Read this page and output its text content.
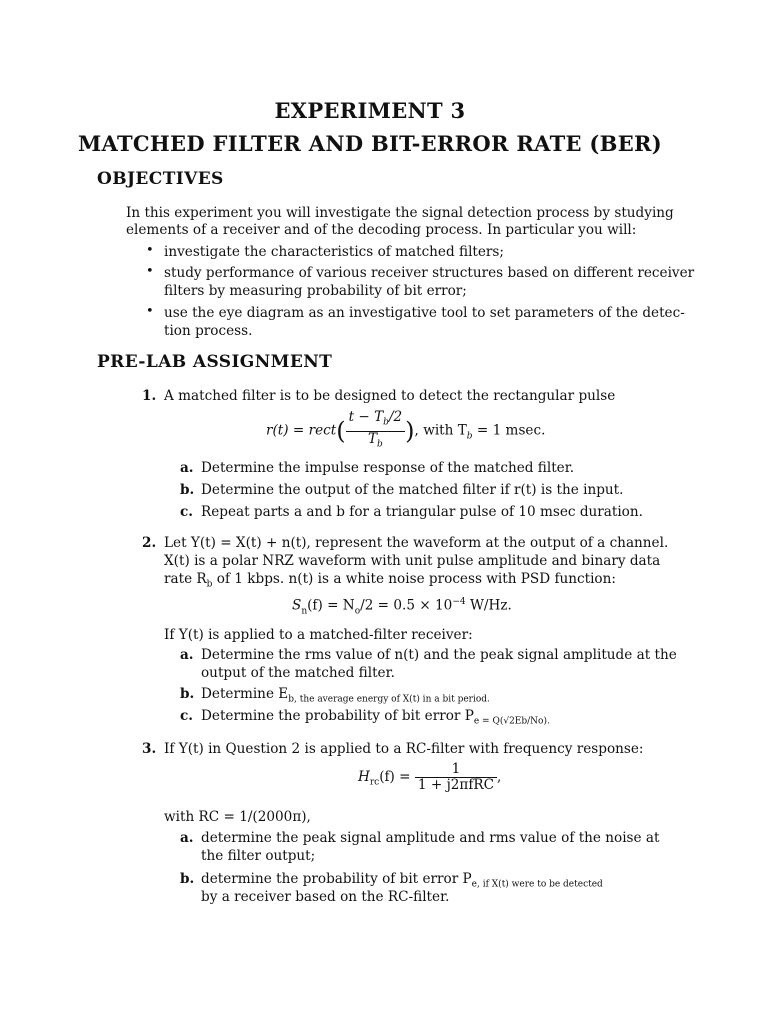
EXPERIMENT 3
MATCHED FILTER AND BIT-ERROR RATE (BER)
OBJECTIVES
In this experiment you will investigate the signal detection process by studying
elements of a receiver and of the decoding process. In particular you will:
• investigate the characteristics of matched filters;
• study performance of various receiver structures based on different receiver
filters by measuring probability of bit error;
• use the eye diagram as an investigative tool to set parameters of the detec-
tion process.
PRE-LAB ASSIGNMENT
1. A matched filter is to be designed to detect the rectangular pulse
r(t) = rect( $\frac{t - T_b/2}{T_b}$ ), with $T_b = 1$ msec.
a. Determine the impulse response of the matched filter.
b. Determine the output of the matched filter if r(t) is the input.
c. Repeat parts a and b for a triangular pulse of 10 msec duration.
2. Let Y(t) = X(t) + n(t), represent the waveform at the output of a channel.
X(t) is a polar NRZ waveform with unit pulse amplitude and binary data
rate $R_b$ of 1 kbps. n(t) is a white noise process with PSD function:
$S_n(f) = N_o/2 = 0.5 \times 10^{-4}$ W/Hz.
If Y(t) is applied to a matched-filter receiver:
a. Determine the rms value of n(t) and the peak signal amplitude at the
output of the matched filter.
b. Determine $E_{b, the average energy of X(t) in a bit period.}$
c. Determine the probability of bit error $P_{e = Q(√2Eb/No).}$
3. If Y(t) in Question 2 is applied to a RC-filter with frequency response:
$H_{rc}(f) = \frac{1}{\text{1 + j2πfRC}}$ ,
with RC = 1/(2000π),
a. determine the peak signal amplitude and rms value of the noise at
the filter output;
b. determine the probability of bit error $P_{e, if X(t) were to be detected}$
by a receiver based on the RC-filter.
